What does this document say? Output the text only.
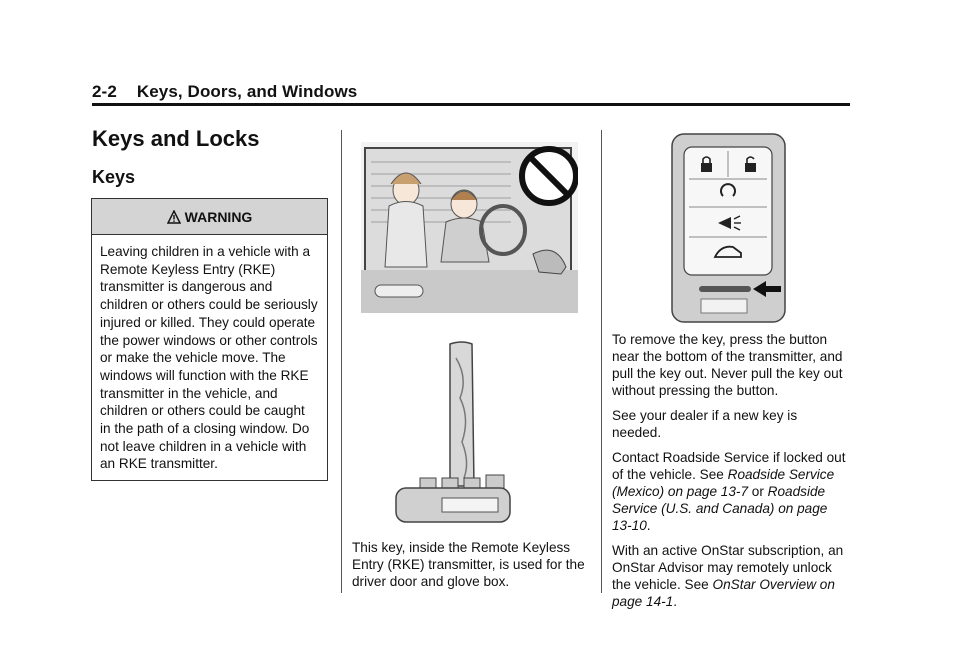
2-2 Keys, Doors, and Windows
Keys and Locks
Keys
WARNING
Leaving children in a vehicle with a Remote Keyless Entry (RKE) transmitter is dangerous and children or others could be seriously injured or killed. They could operate the power windows or other controls or make the vehicle move. The windows will function with the RKE transmitter in the vehicle, and children or others could be caught in the path of a closing window. Do not leave children in a vehicle with an RKE transmitter.

This key, inside the Remote Keyless Entry (RKE) transmitter, is used for the driver door and glove box.

To remove the key, press the button near the bottom of the transmitter, and pull the key out. Never pull the key out without pressing the button.

See your dealer if a new key is needed.

Contact Roadside Service if locked out of the vehicle. See Roadside Service (Mexico) on page 13-7 or Roadside Service (U.S. and Canada) on page 13-10.

With an active OnStar subscription, an OnStar Advisor may remotely unlock the vehicle. See OnStar Overview on page 14-1.
